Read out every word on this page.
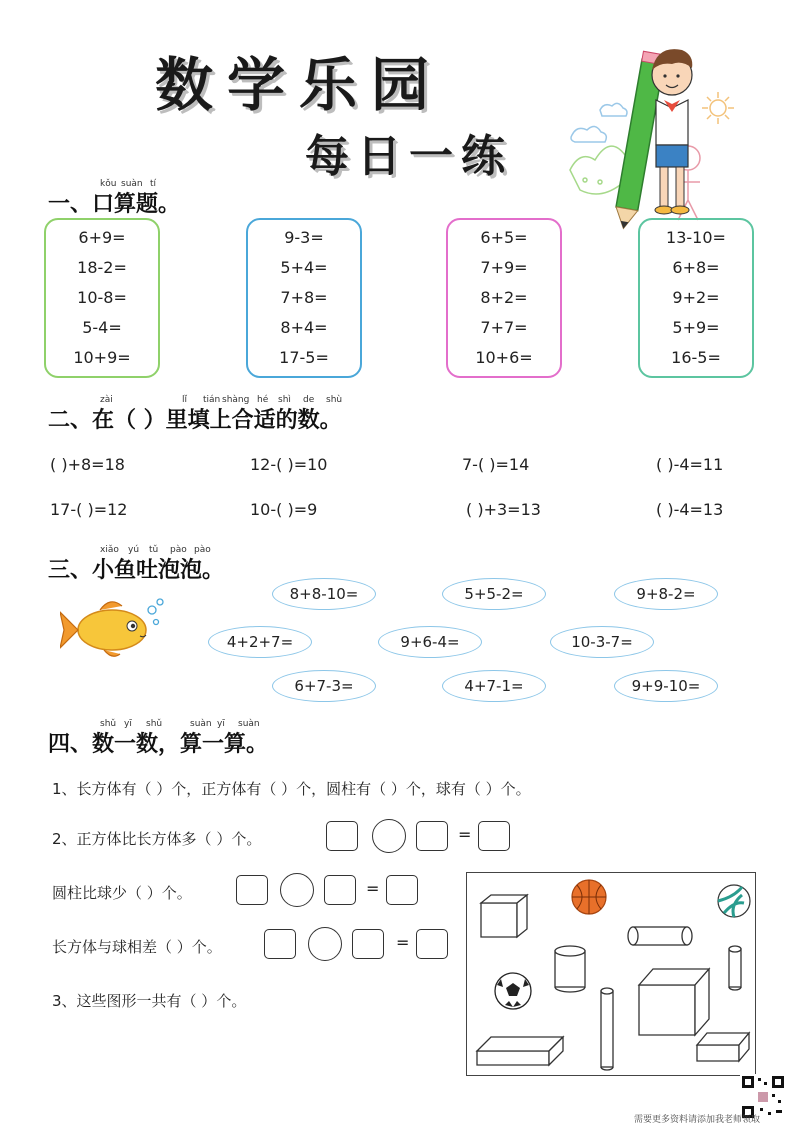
数学乐园
每日一练
一、口算题。
kǒu suàn tí
6+9=
18-2=
10-8=
5-4=
10+9=
9-3=
5+4=
7+8=
8+4=
17-5=
6+5=
7+9=
8+2=
7+7=
10+6=
13-10=
6+8=
9+2=
5+9=
16-5=
二、在（ ）里填上合适的数。
zài	lǐ tián shàng hé shì de shù
( )+8=18	12-( )=10	7-( )=14	( )-4=11
17-( )=12	10-( )=9	( )+3=13	( )-4=13
三、小鱼吐泡泡。
xiǎo yú tǔ pào pào
8+8-10=	5+5-2=	9+8-2=
4+2+7=	9+6-4=	10-3-7=
6+7-3=	4+7-1=	9+9-10=
四、数一数，算一算。
shǔ yī shǔ	suàn yī suàn
1、长方体有（ ）个，正方体有（ ）个，圆柱有（ ）个，球有（ ）个。
2、正方体比长方体多（ ）个。	=
圆柱比球少（ ）个。	=
长方体与球相差（ ）个。	=
3、这些图形一共有（ ）个。
需要更多资料请添加我老师领取
